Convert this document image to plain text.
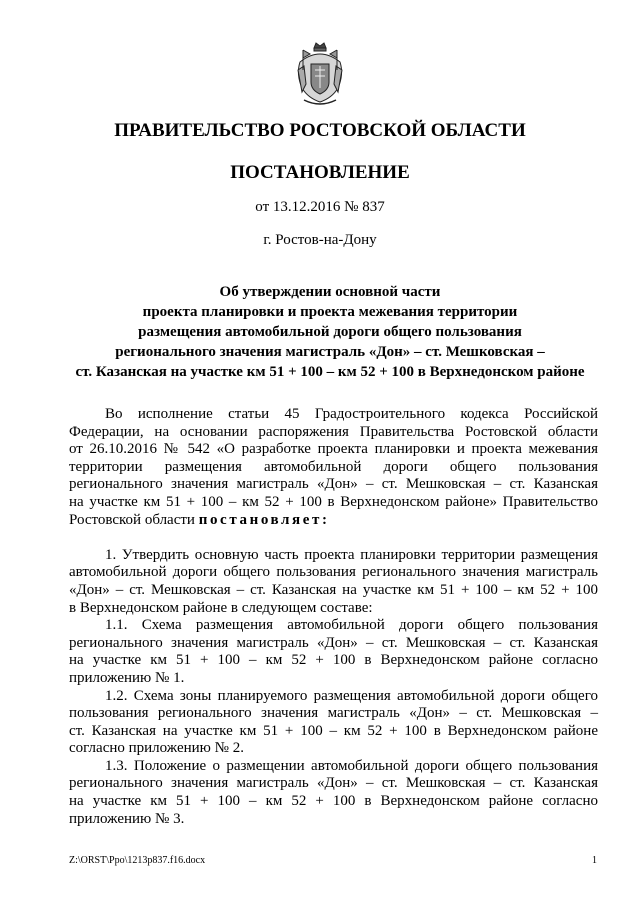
ПРАВИТЕЛЬСТВО РОСТОВСКОЙ ОБЛАСТИ
ПОСТАНОВЛЕНИЕ
от 13.12.2016 № 837
г. Ростов-на-Дону
Об утверждении основной части
проекта планировки и проекта межевания территории
размещения автомобильной дороги общего пользования
регионального значения магистраль «Дон» – ст. Мешковская –
ст. Казанская на участке км 51 + 100 – км 52 + 100 в Верхнедонском районе
Во исполнение статьи 45 Градостроительного кодекса Российской
Федерации, на основании распоряжения Правительства Ростовской области
от 26.10.2016 № 542 «О разработке проекта планировки и проекта межевания
территории размещения автомобильной дороги общего пользования
регионального значения магистраль «Дон» – ст. Мешковская – ст. Казанская
на участке км 51 + 100 – км 52 + 100 в Верхнедонском районе» Правительство
Ростовской области постановляет:
1. Утвердить основную часть проекта планировки территории размещения
автомобильной дороги общего пользования регионального значения магистраль
«Дон» – ст. Мешковская – ст. Казанская на участке км 51 + 100 – км 52 + 100
в Верхнедонском районе в следующем составе:
1.1. Схема размещения автомобильной дороги общего пользования
регионального значения магистраль «Дон» – ст. Мешковская – ст. Казанская
на участке км 51 + 100 – км 52 + 100 в Верхнедонском районе согласно
приложению № 1.
1.2. Схема зоны планируемого размещения автомобильной дороги общего
пользования регионального значения магистраль «Дон» – ст. Мешковская –
ст. Казанская на участке км 51 + 100 – км 52 + 100 в Верхнедонском районе
согласно приложению № 2.
1.3. Положение о размещении автомобильной дороги общего пользования
регионального значения магистраль «Дон» – ст. Мешковская – ст. Казанская
на участке км 51 + 100 – км 52 + 100 в Верхнедонском районе согласно
приложению № 3.
Z:\ORST\Ppo\1213p837.f16.docx	1
